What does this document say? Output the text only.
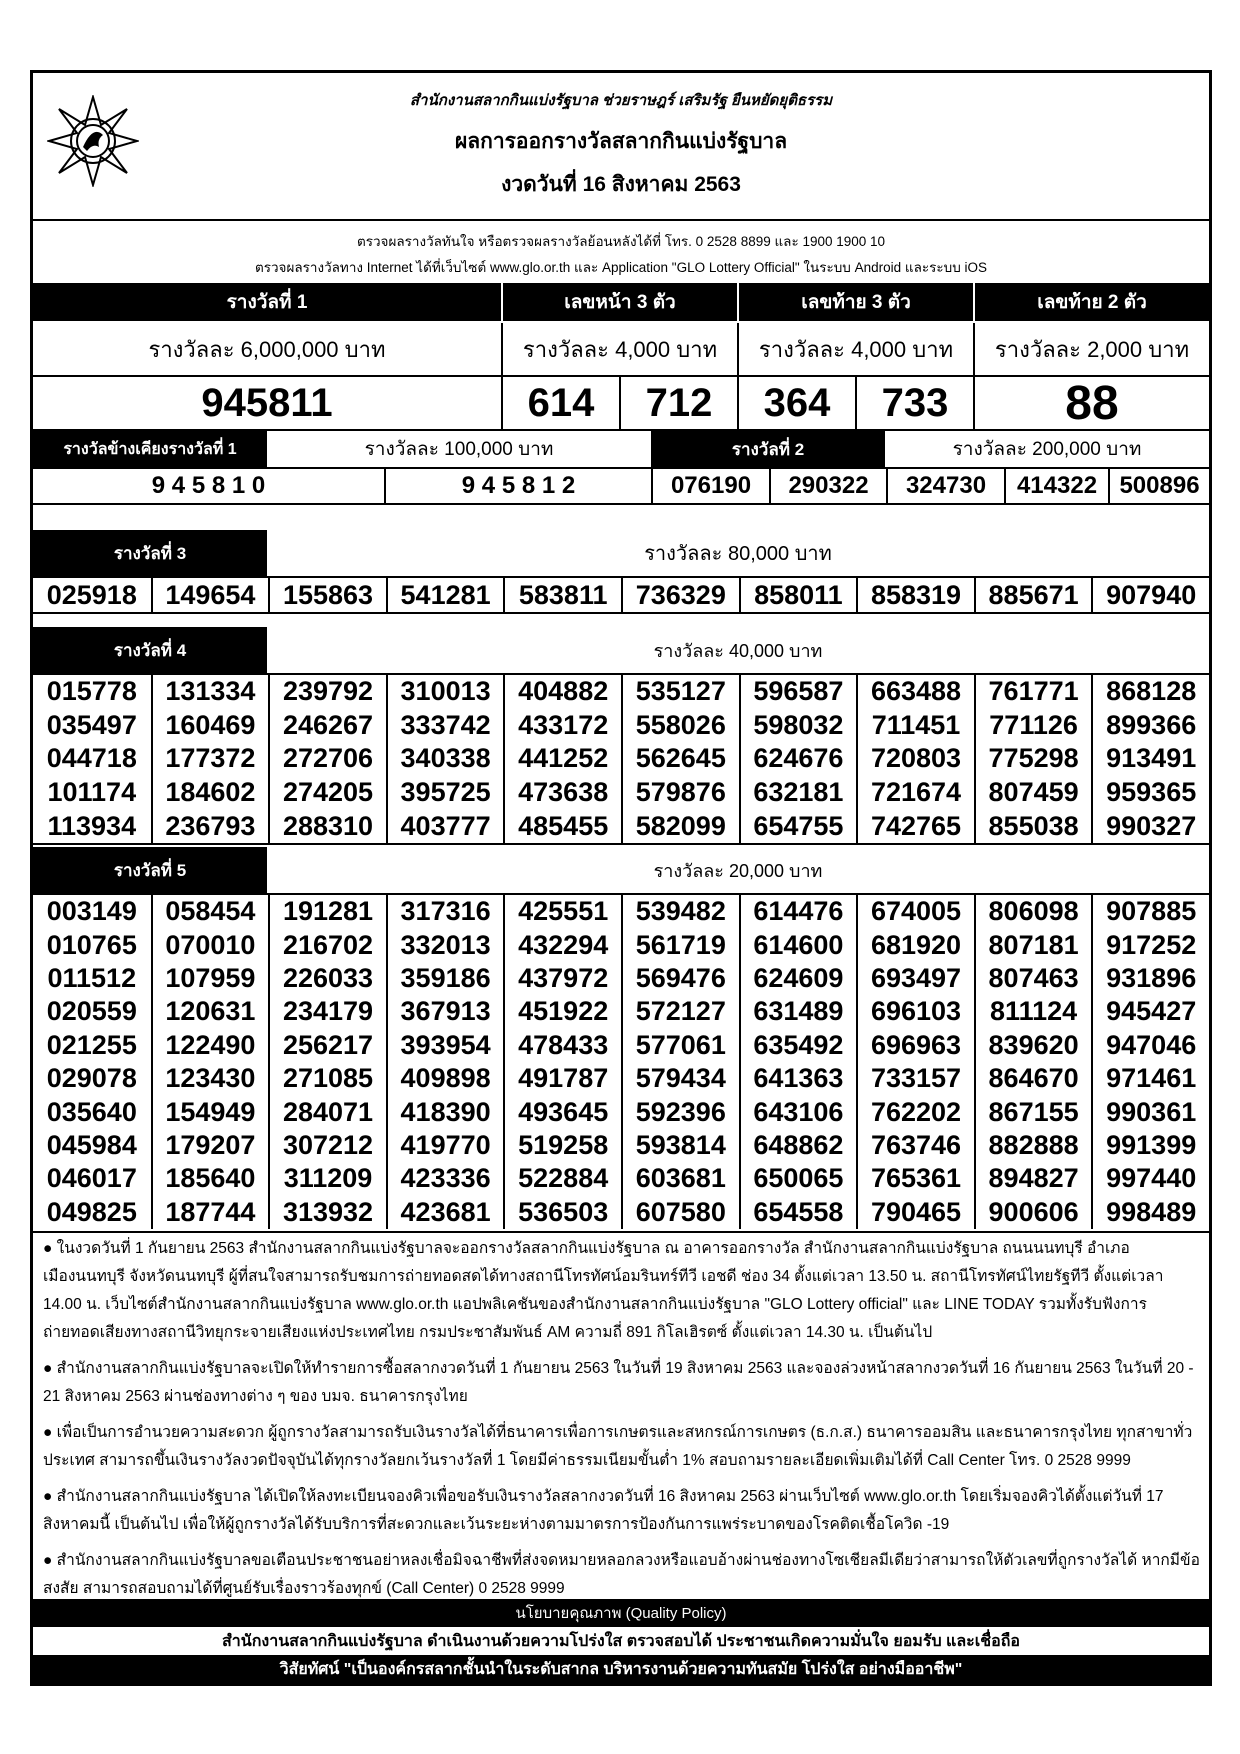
สำนักงานสลากกินแบ่งรัฐบาล ช่วยราษฎร์ เสริมรัฐ ยืนหยัดยุติธรรม
ผลการออกรางวัลสลากกินแบ่งรัฐบาล
งวดวันที่ 16 สิงหาคม 2563
ตรวจผลรางวัลทันใจ หรือตรวจผลรางวัลย้อนหลังได้ที่ โทร. 0 2528 8899 และ 1900 1900 10
ตรวจผลรางวัลทาง Internet ได้ที่เว็บไซต์ www.glo.or.th และ Application "GLO Lottery Official" ในระบบ Android และระบบ iOS
รางวัลที่ 1	เลขหน้า 3 ตัว	เลขท้าย 3 ตัว	เลขท้าย 2 ตัว
รางวัลละ 6,000,000 บาท	รางวัลละ 4,000 บาท	รางวัลละ 4,000 บาท	รางวัลละ 2,000 บาท
945811	614	712	364	733	88
รางวัลข้างเคียงรางวัลที่ 1	รางวัลละ 100,000 บาท	รางวัลที่ 2	รางวัลละ 200,000 บาท
9 4 5 8 1 0	9 4 5 8 1 2	076190	290322	324730	414322 500896
รางวัลที่ 3	รางวัลละ 80,000 บาท
025918	149654	155863	541281	583811	736329	858011	858319	885671	907940
รางวัลที่ 4	รางวัลละ 40,000 บาท
015778	131334	239792	310013	404882	535127	596587	663488	761771	868128
035497	160469	246267	333742	433172	558026	598032	711451	771126	899366
044718	177372	272706	340338	441252	562645	624676	720803	775298	913491
101174	184602	274205	395725	473638	579876	632181	721674	807459	959365
113934	236793	288310	403777	485455	582099	654755	742765	855038	990327
รางวัลที่ 5	รางวัลละ 20,000 บาท
003149	058454	191281	317316	425551	539482	614476	674005	806098	907885
010765	070010	216702	332013	432294	561719	614600	681920	807181	917252
011512	107959	226033	359186	437972	569476	624609	693497	807463	931896
020559	120631	234179	367913	451922	572127	631489	696103	811124	945427
021255	122490	256217	393954	478433	577061	635492	696963	839620	947046
029078	123430	271085	409898	491787	579434	641363	733157	864670	971461
035640	154949	284071	418390	493645	592396	643106	762202	867155	990361
045984	179207	307212	419770	519258	593814	648862	763746	882888	991399
046017	185640	311209	423336	522884	603681	650065	765361	894827	997440
049825	187744	313932	423681	536503	607580	654558	790465	900606	998489

● ในงวดวันที่ 1 กันยายน 2563 สำนักงานสลากกินแบ่งรัฐบาลจะออกรางวัลสลากกินแบ่งรัฐบาล ณ อาคารออกรางวัล สำนักงานสลากกินแบ่งรัฐบาล ถนนนนทบุรี อำเภอเมืองนนทบุรี จังหวัดนนทบุรี ผู้ที่สนใจสามารถรับชมการถ่ายทอดสดได้ทางสถานีโทรทัศน์อมรินทร์ทีวี เอชดี ช่อง 34 ตั้งแต่เวลา 13.50 น. สถานีโทรทัศน์ไทยรัฐทีวี ตั้งแต่เวลา 14.00 น. เว็บไซต์สำนักงานสลากกินแบ่งรัฐบาล www.glo.or.th แอปพลิเคชันของสำนักงานสลากกินแบ่งรัฐบาล "GLO Lottery official" และ LINE TODAY รวมทั้งรับฟังการถ่ายทอดเสียงทางสถานีวิทยุกระจายเสียงแห่งประเทศไทย กรมประชาสัมพันธ์ AM ความถี่ 891 กิโลเฮิรตซ์ ตั้งแต่เวลา 14.30 น. เป็นต้นไป

● สำนักงานสลากกินแบ่งรัฐบาลจะเปิดให้ทำรายการซื้อสลากงวดวันที่ 1 กันยายน 2563 ในวันที่ 19 สิงหาคม 2563 และจองล่วงหน้าสลากงวดวันที่ 16 กันยายน 2563 ในวันที่ 20 - 21 สิงหาคม 2563 ผ่านช่องทางต่าง ๆ ของ บมจ. ธนาคารกรุงไทย

● เพื่อเป็นการอำนวยความสะดวก ผู้ถูกรางวัลสามารถรับเงินรางวัลได้ที่ธนาคารเพื่อการเกษตรและสหกรณ์การเกษตร (ธ.ก.ส.) ธนาคารออมสิน และธนาคารกรุงไทย ทุกสาขาทั่วประเทศ สามารถขึ้นเงินรางวัลงวดปัจจุบันได้ทุกรางวัลยกเว้นรางวัลที่ 1 โดยมีค่าธรรมเนียมขั้นต่ำ 1% สอบถามรายละเอียดเพิ่มเติมได้ที่ Call Center โทร. 0 2528 9999

● สำนักงานสลากกินแบ่งรัฐบาล ได้เปิดให้ลงทะเบียนจองคิวเพื่อขอรับเงินรางวัลสลากงวดวันที่ 16 สิงหาคม 2563 ผ่านเว็บไซต์ www.glo.or.th โดยเริ่มจองคิวได้ตั้งแต่วันที่ 17 สิงหาคมนี้ เป็นต้นไป เพื่อให้ผู้ถูกรางวัลได้รับบริการที่สะดวกและเว้นระยะห่างตามมาตรการป้องกันการแพร่ระบาดของโรคติดเชื้อโควิด -19

● สำนักงานสลากกินแบ่งรัฐบาลขอเตือนประชาชนอย่าหลงเชื่อมิจฉาชีพที่ส่งจดหมายหลอกลวงหรือแอบอ้างผ่านช่องทางโซเชียลมีเดียว่าสามารถให้ตัวเลขที่ถูกรางวัลได้ หากมีข้อสงสัย สามารถสอบถามได้ที่ศูนย์รับเรื่องราวร้องทุกข์ (Call Center) 0 2528 9999

นโยบายคุณภาพ (Quality Policy)
สำนักงานสลากกินแบ่งรัฐบาล ดำเนินงานด้วยความโปร่งใส ตรวจสอบได้ ประชาชนเกิดความมั่นใจ ยอมรับ และเชื่อถือ
วิสัยทัศน์ "เป็นองค์กรสลากชั้นนำในระดับสากล บริหารงานด้วยความทันสมัย โปร่งใส อย่างมืออาชีพ"
